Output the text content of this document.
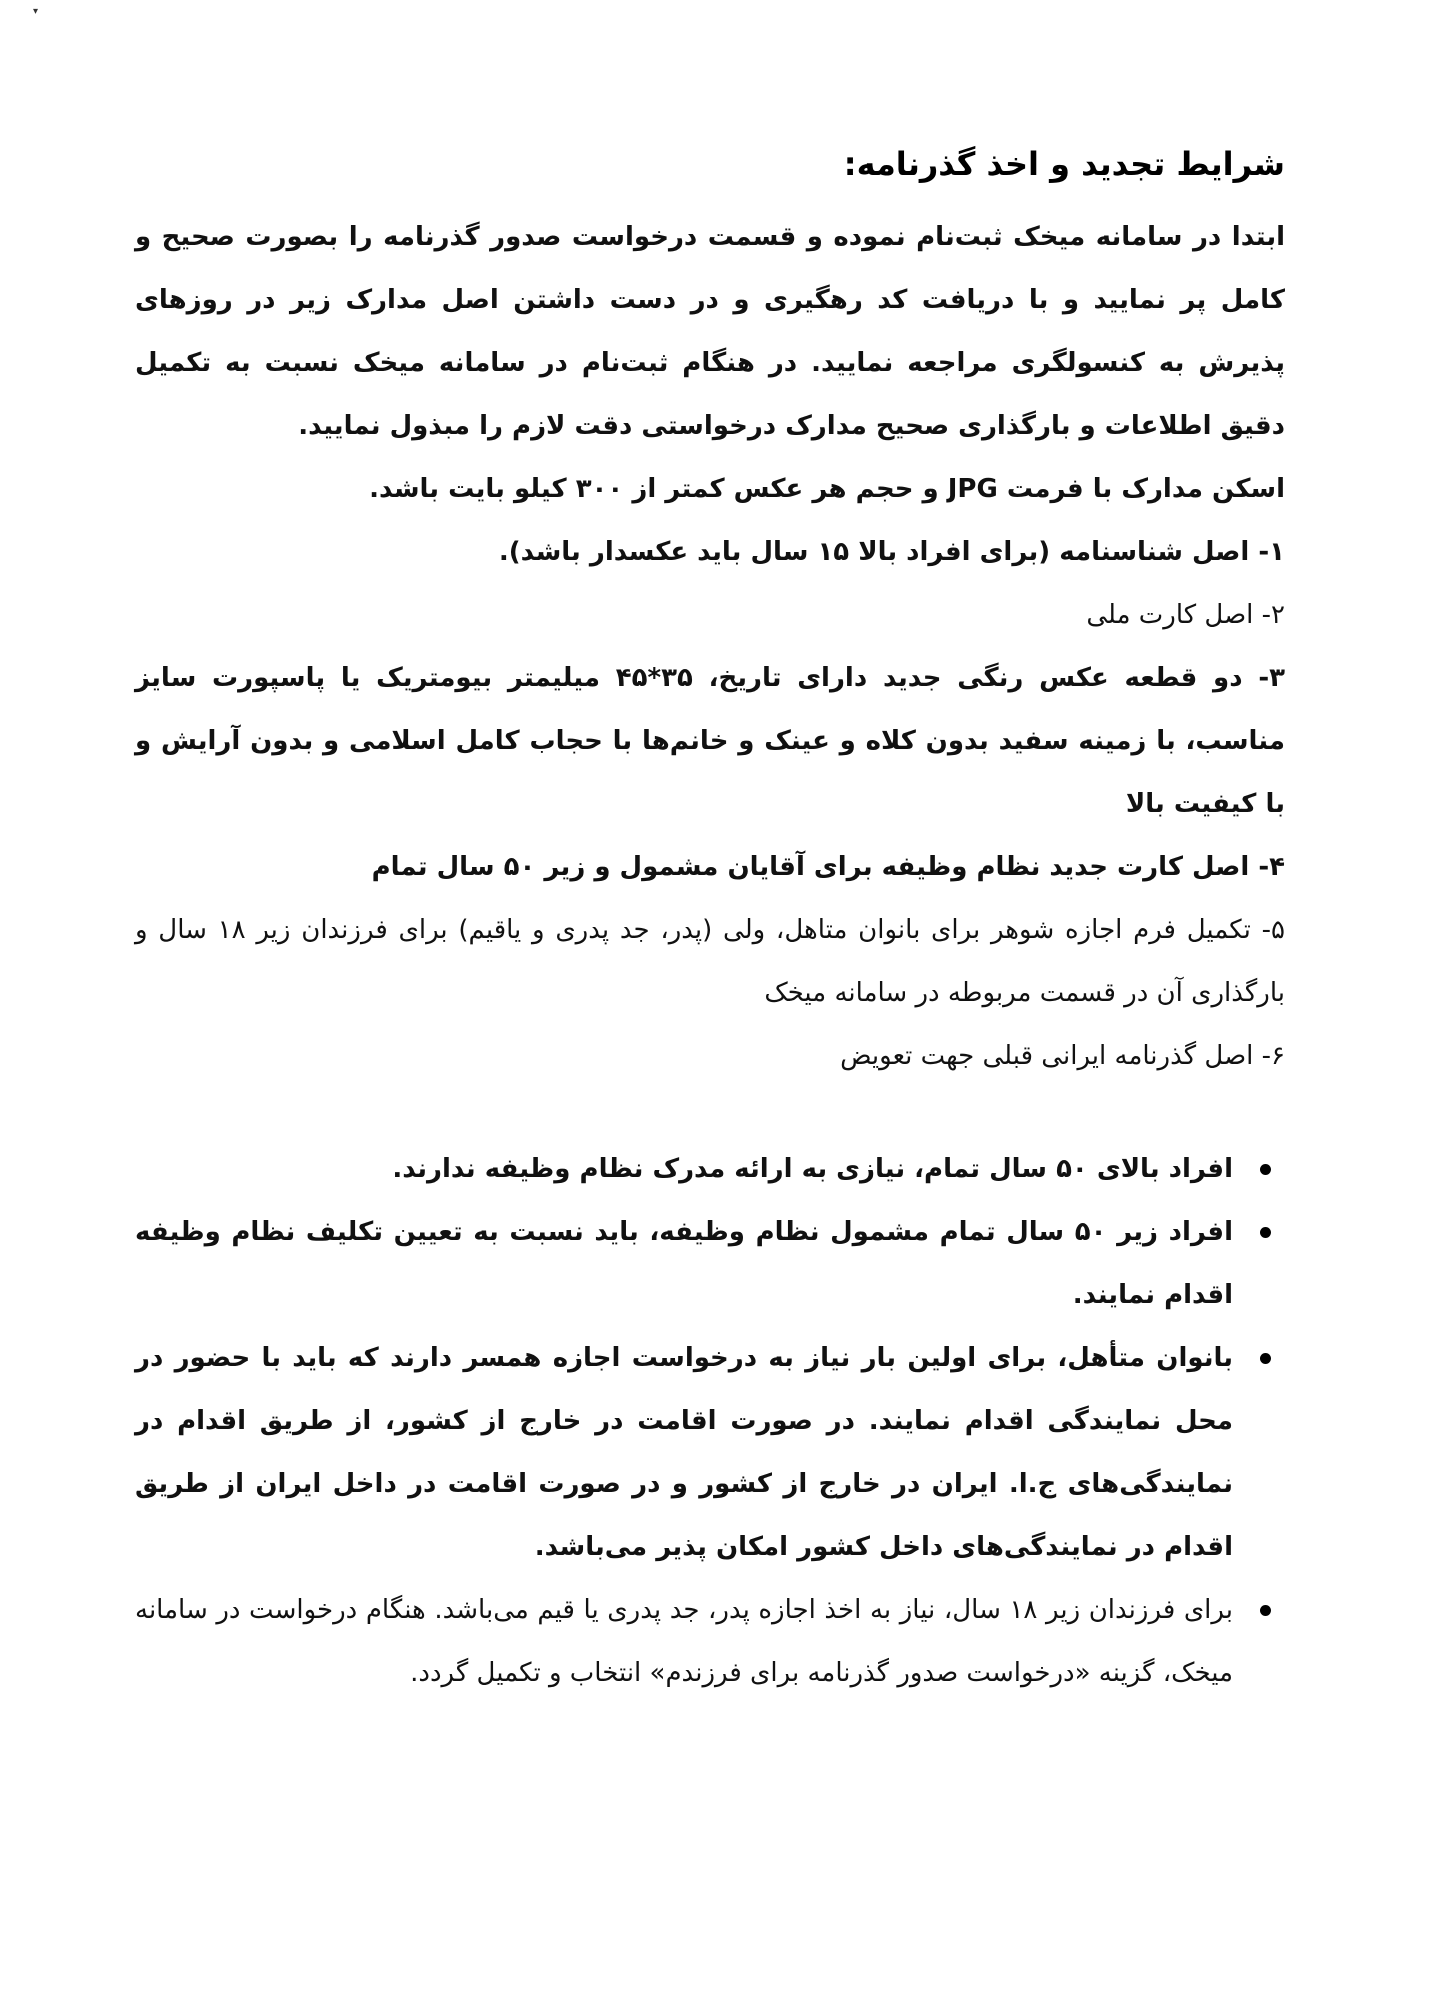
▾
شرایط تجدید و اخذ گذرنامه:

ابتدا در سامانه میخک ثبت‌نام نموده و قسمت درخواست صدور گذرنامه را بصورت صحیح و کامل پر نمایید و با دریافت کد رهگیری و در دست داشتن اصل مدارک زیر در روزهای پذیرش به کنسولگری مراجعه نمایید. در هنگام ثبت‌نام در سامانه میخک نسبت به تکمیل دقیق اطلاعات و بارگذاری صحیح مدارک درخواستی دقت لازم را مبذول نمایید.

اسکن مدارک با فرمت JPG و حجم هر عکس کمتر از ۳۰۰ کیلو بایت باشد.

۱- اصل شناسنامه (برای افراد بالا ۱۵ سال باید عکسدار باشد).
۲- اصل کارت ملی
۳- دو قطعه عکس رنگی جدید دارای تاریخ، ۳۵*۴۵ میلیمتر بیومتریک یا پاسپورت سایز مناسب، با زمینه سفید بدون کلاه و عینک و خانم‌ها با حجاب کامل اسلامی و بدون آرایش و با کیفیت بالا
۴- اصل کارت جدید نظام وظیفه برای آقایان مشمول و زیر ۵۰ سال تمام
۵- تکمیل فرم اجازه شوهر برای بانوان متاهل، ولی (پدر، جد پدری و یاقیم) برای فرزندان زیر ۱۸ سال و بارگذاری آن در قسمت مربوطه در سامانه میخک
۶- اصل گذرنامه ایرانی قبلی جهت تعویض
افراد بالای ۵۰ سال تمام، نیازی به ارائه مدرک نظام وظیفه ندارند.
افراد زیر ۵۰ سال تمام مشمول نظام وظیفه، باید نسبت به تعیین تکلیف نظام وظیفه اقدام نمایند.
بانوان متأهل، برای اولین بار نیاز به درخواست اجازه همسر دارند که باید با حضور در محل نمایندگی اقدام نمایند. در صورت اقامت در خارج از کشور، از طریق اقدام در نمایندگی‌های ج.ا. ایران در خارج از کشور و در صورت اقامت در داخل ایران از طریق اقدام در نمایندگی‌های داخل کشور امکان پذیر می‌باشد.
برای فرزندان زیر ۱۸ سال، نیاز به اخذ اجازه پدر، جد پدری یا قیم می‌باشد. هنگام درخواست در سامانه میخک، گزینه «درخواست صدور گذرنامه برای فرزندم» انتخاب و تکمیل گردد.
